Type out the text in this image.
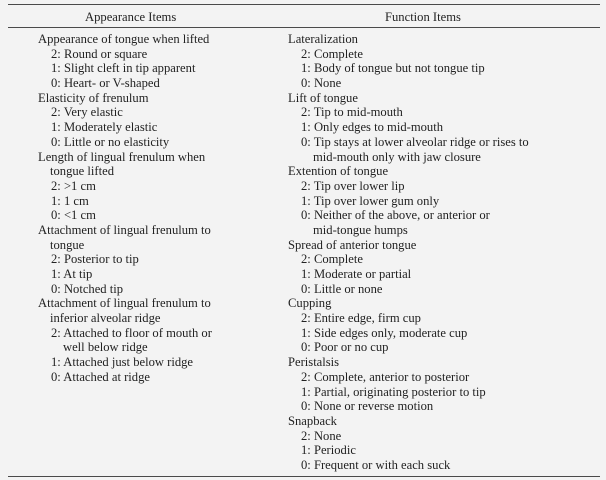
Appearance Items	Function Items
Appearance of tongue when lifted
2: Round or square
1: Slight cleft in tip apparent
0: Heart- or V-shaped
Elasticity of frenulum
2: Very elastic
1: Moderately elastic
0: Little or no elasticity
Length of lingual frenulum when
tongue lifted
2: >1 cm
1: 1 cm
0: <1 cm
Attachment of lingual frenulum to
tongue
2: Posterior to tip
1: At tip
0: Notched tip
Attachment of lingual frenulum to
inferior alveolar ridge
2: Attached to floor of mouth or
well below ridge
1: Attached just below ridge
0: Attached at ridge
Lateralization
2: Complete
1: Body of tongue but not tongue tip
0: None
Lift of tongue
2: Tip to mid-mouth
1: Only edges to mid-mouth
0: Tip stays at lower alveolar ridge or rises to
mid-mouth only with jaw closure
Extention of tongue
2: Tip over lower lip
1: Tip over lower gum only
0: Neither of the above, or anterior or
mid-tongue humps
Spread of anterior tongue
2: Complete
1: Moderate or partial
0: Little or none
Cupping
2: Entire edge, firm cup
1: Side edges only, moderate cup
0: Poor or no cup
Peristalsis
2: Complete, anterior to posterior
1: Partial, originating posterior to tip
0: None or reverse motion
Snapback
2: None
1: Periodic
0: Frequent or with each suck
